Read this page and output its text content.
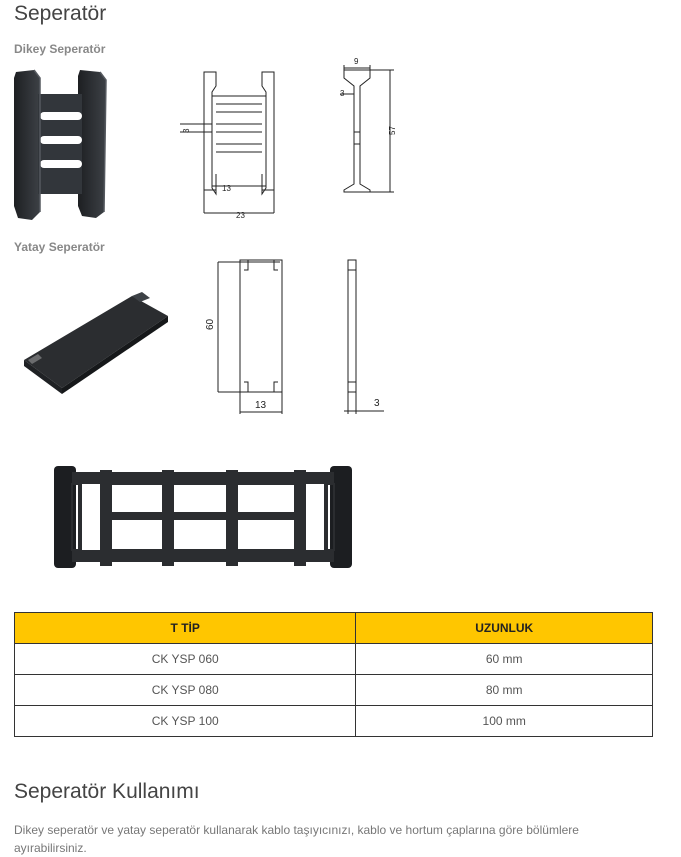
Seperatör
Dikey Seperatör
13
23
3
9
3
57
Yatay Seperatör
60
13	3
T TİP	UZUNLUK
CK YSP 060	60 mm
CK YSP 080	80 mm
CK YSP 100	100 mm
Seperatör Kullanımı
Dikey seperatör ve yatay seperatör kullanarak kablo taşıyıcınızı, kablo ve hortum çaplarına göre bölümlere ayırabilirsiniz.
